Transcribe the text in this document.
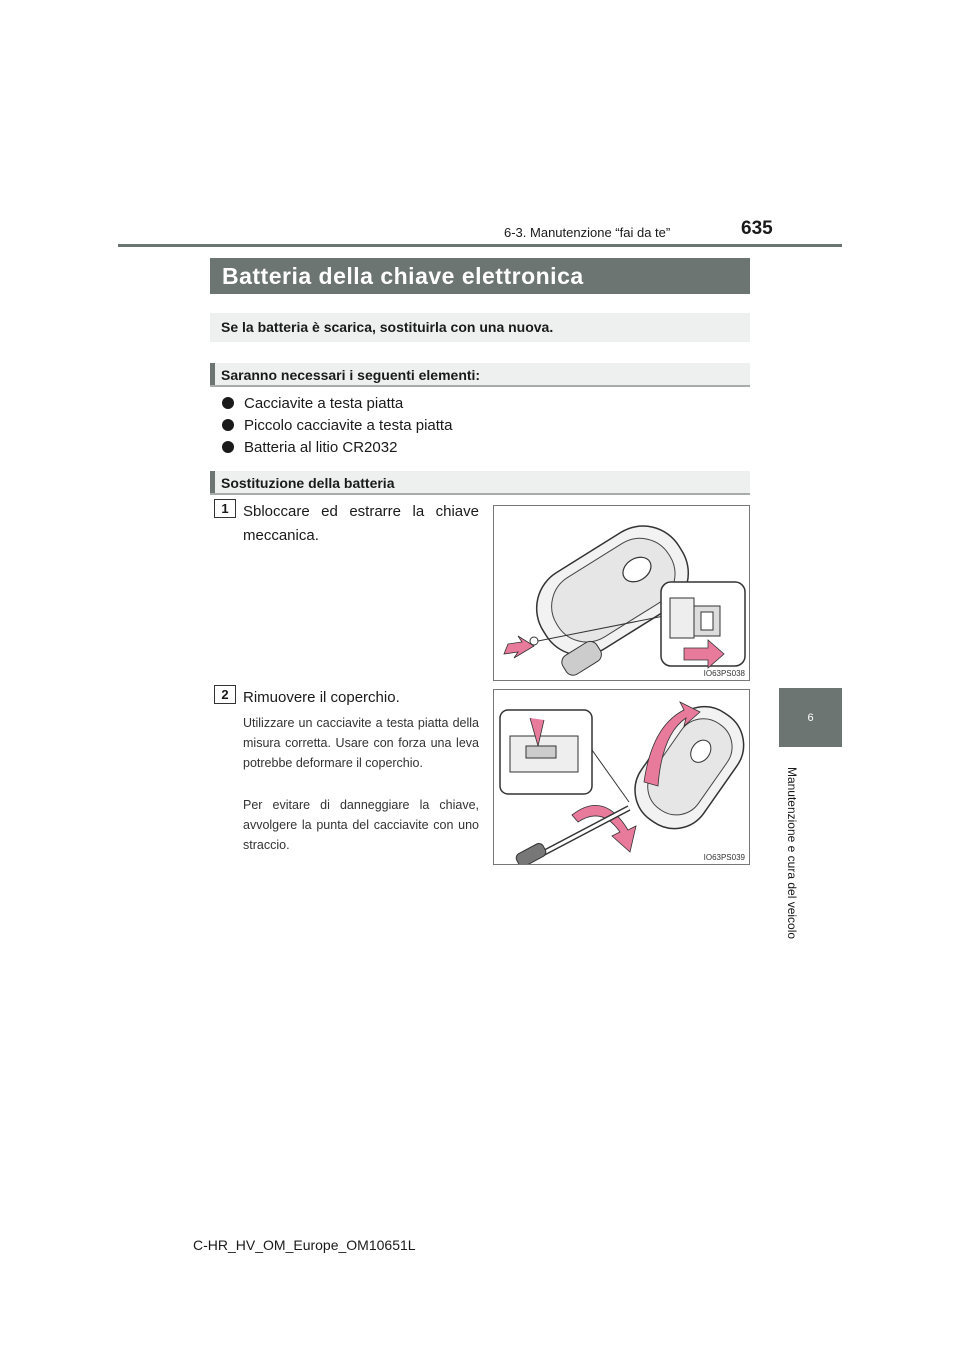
6-3. Manutenzione “fai da te”	635
6
Manutenzione e cura del veicolo
Batteria della chiave elettronica
Se la batteria è scarica, sostituirla con una nuova.
Saranno necessari i seguenti elementi:
Cacciavite a testa piatta
Piccolo cacciavite a testa piatta
Batteria al litio CR2032
Sostituzione della batteria
1 Sbloccare ed estrarre la chiave meccanica.
IO63PS038
2 Rimuovere il coperchio.
Utilizzare un cacciavite a testa piatta della misura corretta. Usare con forza una leva potrebbe deformare il coperchio.
Per evitare di danneggiare la chiave, avvolgere la punta del cacciavite con uno straccio.
IO63PS039
C-HR_HV_OM_Europe_OM10651L
